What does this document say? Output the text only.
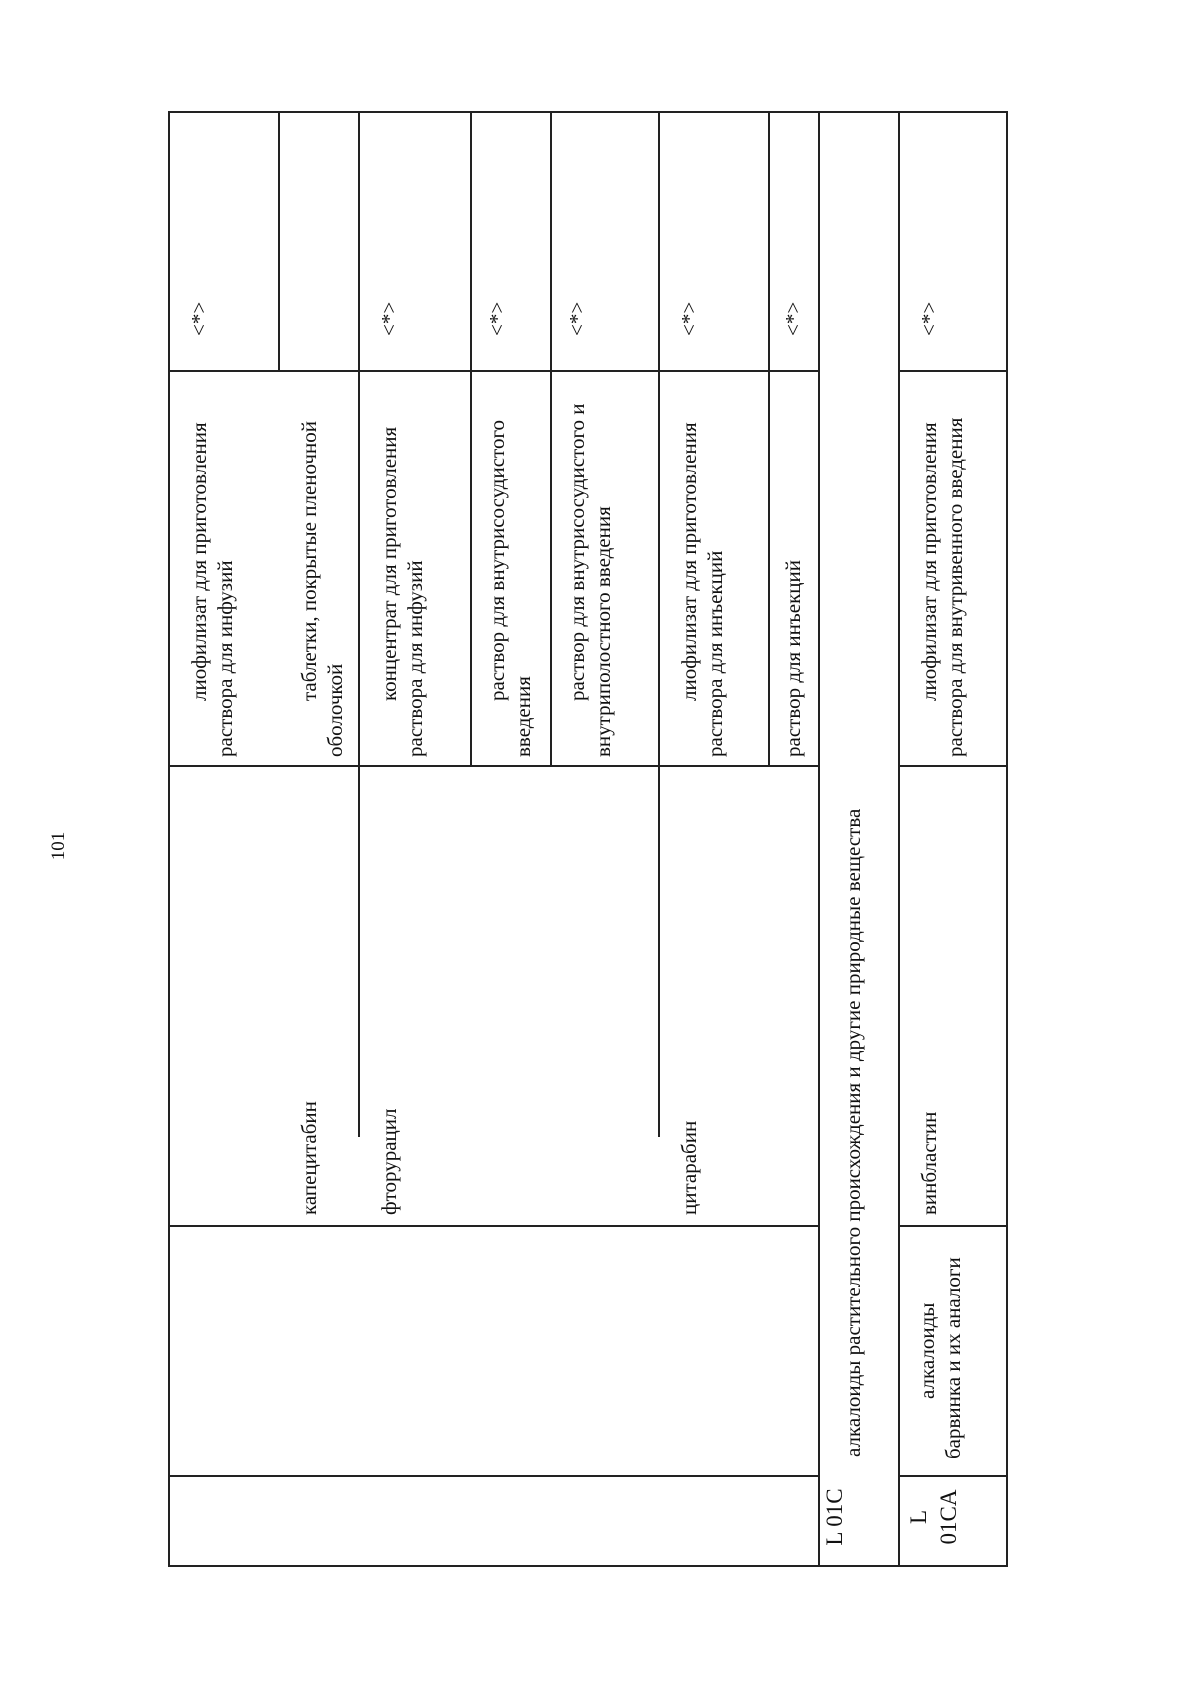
101
лиофилизат для приготовления раствора для инфузий
<*>
капецитабин
таблетки, покрытые пленочной оболочкой
фторурацил
концентрат для приготовления раствора для инфузий
<*>
раствор для внутрисосудистого введения
<*>
раствор для внутрисосудистого и внутриполостного введения
<*>
цитарабин
лиофилизат для приготовления раствора для инъекций
<*>
раствор для инъекций
<*>
L 01C
алкалоиды растительного происхождения и другие природные вещества
L 01CA
алкалоиды барвинка и их аналоги
винбластин
лиофилизат для приготовления раствора для внутривенного введения
<*>
